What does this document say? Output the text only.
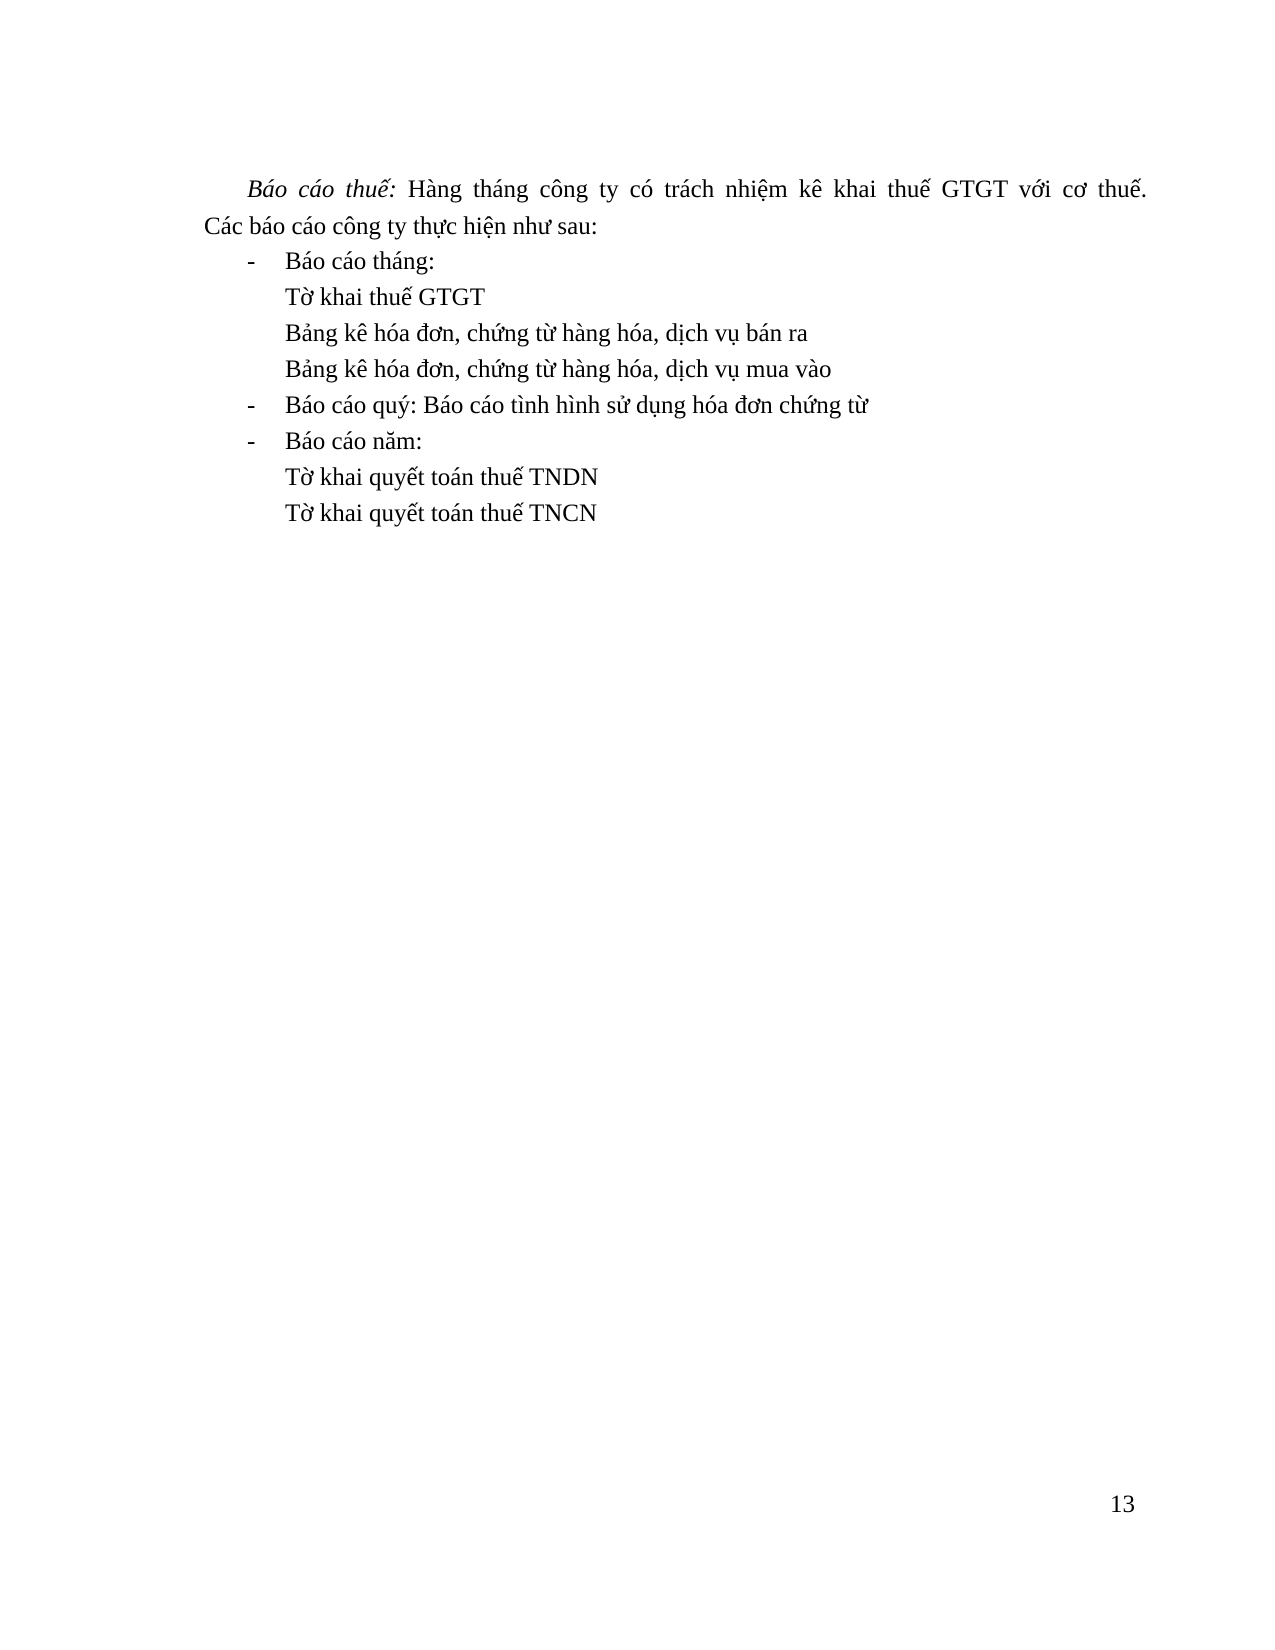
Báo cáo thuế: Hàng tháng công ty có trách nhiệm kê khai thuế GTGT với cơ thuế.
Các báo cáo công ty thực hiện như sau:
- Báo cáo tháng:
Tờ khai thuế GTGT
Bảng kê hóa đơn, chứng từ hàng hóa, dịch vụ bán ra
Bảng kê hóa đơn, chứng từ hàng hóa, dịch vụ mua vào
- Báo cáo quý: Báo cáo tình hình sử dụng hóa đơn chứng từ
- Báo cáo năm:
Tờ khai quyết toán thuế TNDN
Tờ khai quyết toán thuế TNCN
13
